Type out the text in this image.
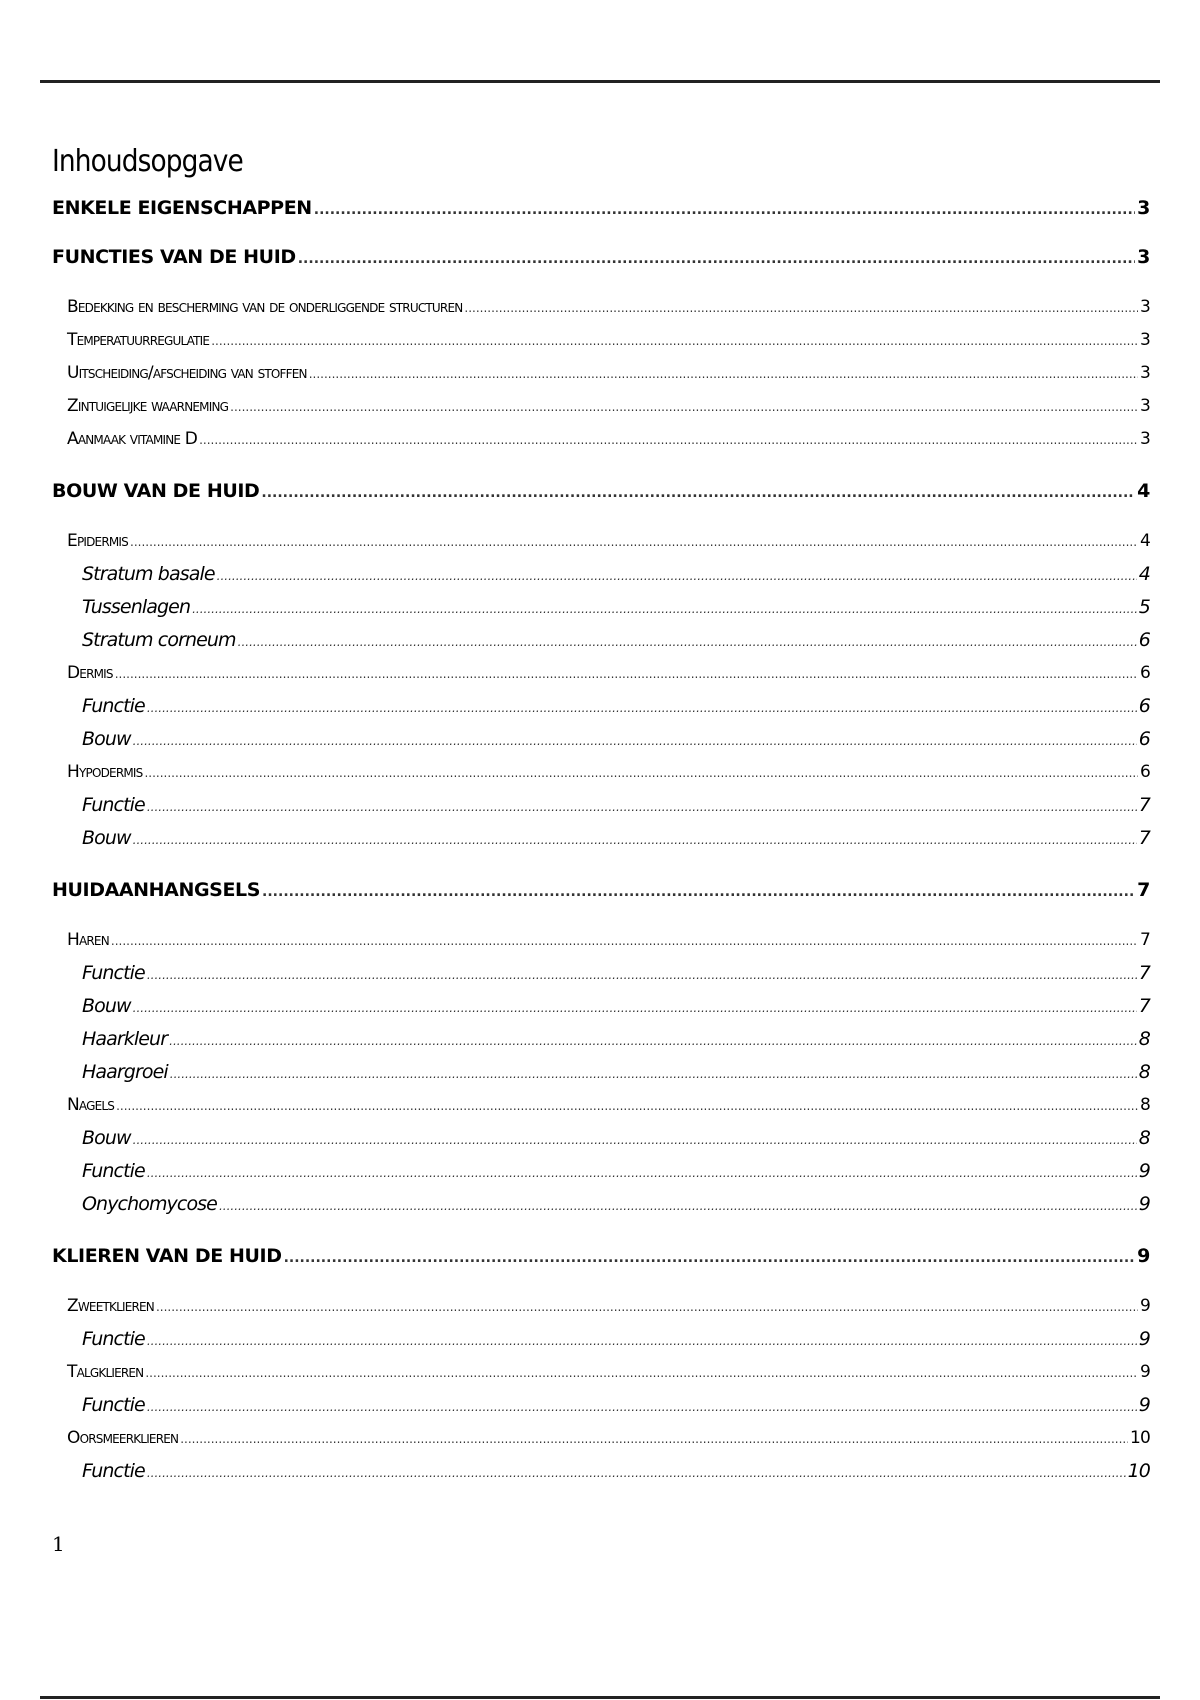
Inhoudsopgave
ENKELE EIGENSCHAPPEN .....	3
FUNCTIES VAN DE HUID .....	3
Bedekking en bescherming van de onderliggende structuren .....	3
Temperatuurregulatie .....	3
Uitscheiding/afscheiding van stoffen .....	3
Zintuigelijke waarneming .....	3
Aanmaak vitamine D .....	3
BOUW VAN DE HUID .....	4
Epidermis .....	4
Stratum basale .....	4
Tussenlagen .....	5
Stratum corneum .....	6
Dermis .....	6
Functie .....	6
Bouw .....	6
Hypodermis .....	6
Functie .....	7
Bouw .....	7
HUIDAANHANGSELS .....	7
Haren .....	7
Functie .....	7
Bouw .....	7
Haarkleur .....	8
Haargroei .....	8
Nagels .....	8
Bouw .....	8
Functie .....	9
Onychomycose .....	9
KLIEREN VAN DE HUID .....	9
Zweetklieren .....	9
Functie .....	9
Talgklieren .....	9
Functie .....	9
Oorsmeerklieren .....	10
Functie .....	10
1
